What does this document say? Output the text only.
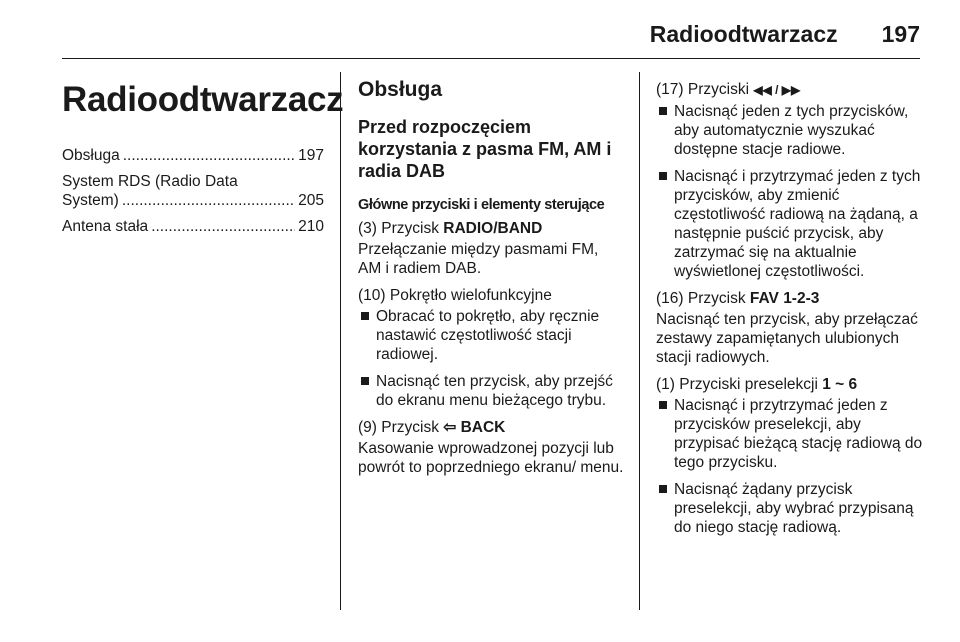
Radioodtwarzacz 197
Radioodtwarzacz
Obsługa .....	197
System RDS (Radio Data
System) .....	205
Antena stała .....	210
Obsługa
Przed rozpoczęciem korzystania z pasma FM, AM i radia DAB
Główne przyciski i elementy sterujące

(3) Przycisk RADIO/BAND

Przełączanie między pasmami FM, AM i radiem DAB.

(10) Pokrętło wielofunkcyjne

Obracać to pokrętło, aby ręcznie nastawić częstotliwość stacji radiowej.
Nacisnąć ten przycisk, aby przejść do ekranu menu bieżącego trybu.

(9) Przycisk ⇦ BACK

Kasowanie wprowadzonej pozycji lub powrót to poprzedniego ekranu/ menu.

(17) Przyciski ◀◀ / ▶▶

Nacisnąć jeden z tych przycisków, aby automatycznie wyszukać dostępne stacje radiowe.
Nacisnąć i przytrzymać jeden z tych przycisków, aby zmienić częstotliwość radiową na żądaną, a następnie puścić przycisk, aby zatrzymać się na aktualnie wyświetlonej częstotliwości.

(16) Przycisk FAV 1-2-3

Nacisnąć ten przycisk, aby przełączać zestawy zapamiętanych ulubionych stacji radiowych.

(1) Przyciski preselekcji 1 ~ 6

Nacisnąć i przytrzymać jeden z przycisków preselekcji, aby przypisać bieżącą stację radiową do tego przycisku.
Nacisnąć żądany przycisk preselekcji, aby wybrać przypisaną do niego stację radiową.
